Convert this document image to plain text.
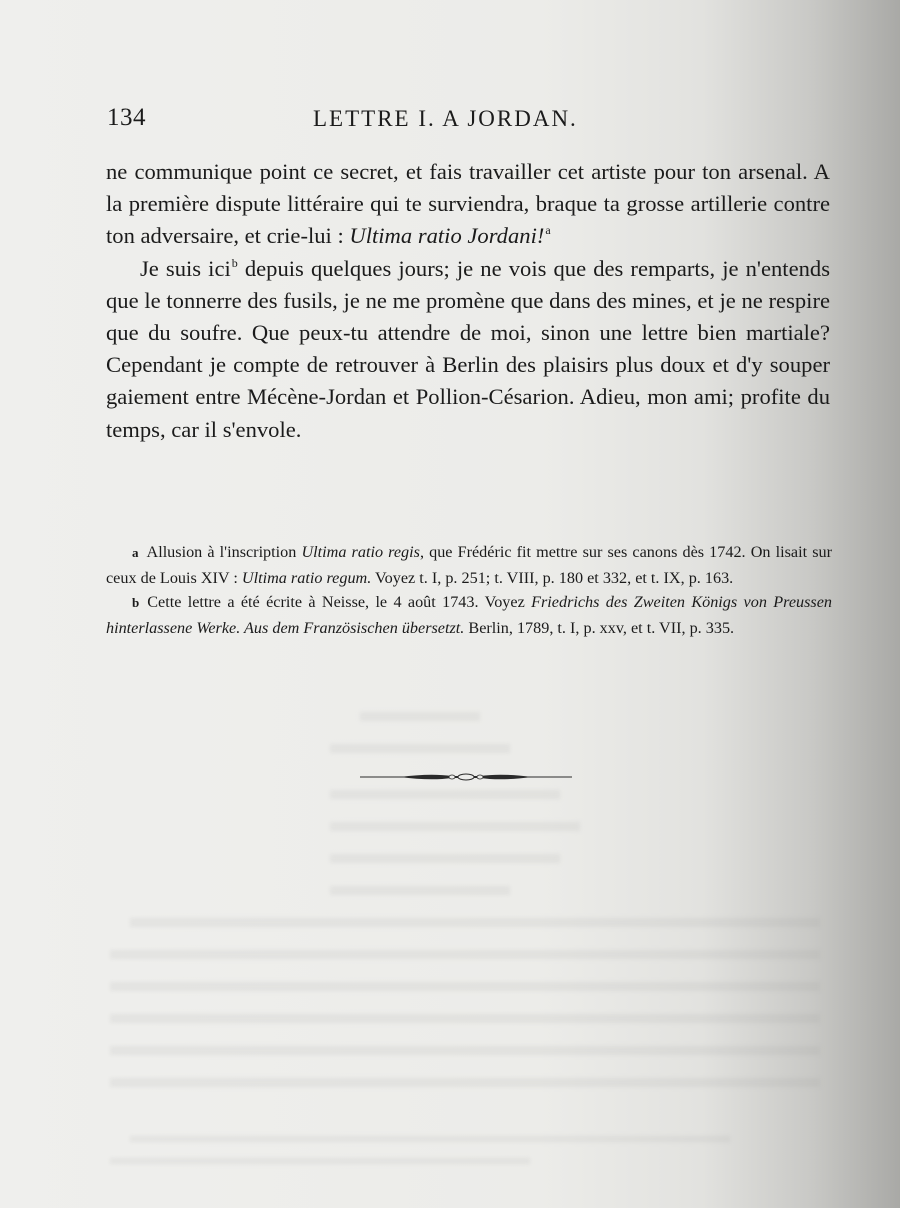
134	LETTRE I. A JORDAN.

ne communique point ce secret, et fais travailler cet artiste pour ton arsenal. A la première dispute littéraire qui te surviendra, braque ta grosse artillerie contre ton adversaire, et crie-lui : Ultima ratio Jordani!$^a$

Je suis ici$^b$ depuis quelques jours; je ne vois que des remparts, je n'entends que le tonnerre des fusils, je ne me promène que dans des mines, et je ne respire que du soufre. Que peux-tu attendre de moi, sinon une lettre bien martiale? Cependant je compte de retrouver à Berlin des plaisirs plus doux et d'y souper gaiement entre Mécène-Jordan et Pollion-Césarion. Adieu, mon ami; profite du temps, car il s'envole.

a Allusion à l'inscription Ultima ratio regis, que Frédéric fit mettre sur ses canons dès 1742. On lisait sur ceux de Louis XIV : Ultima ratio regum. Voyez t. I, p. 251; t. VIII, p. 180 et 332, et t. IX, p. 163.

b Cette lettre a été écrite à Neisse, le 4 août 1743. Voyez Friedrichs des Zweiten Königs von Preussen hinterlassene Werke. Aus dem Französischen übersetzt. Berlin, 1789, t. I, p. xxv, et t. VII, p. 335.
